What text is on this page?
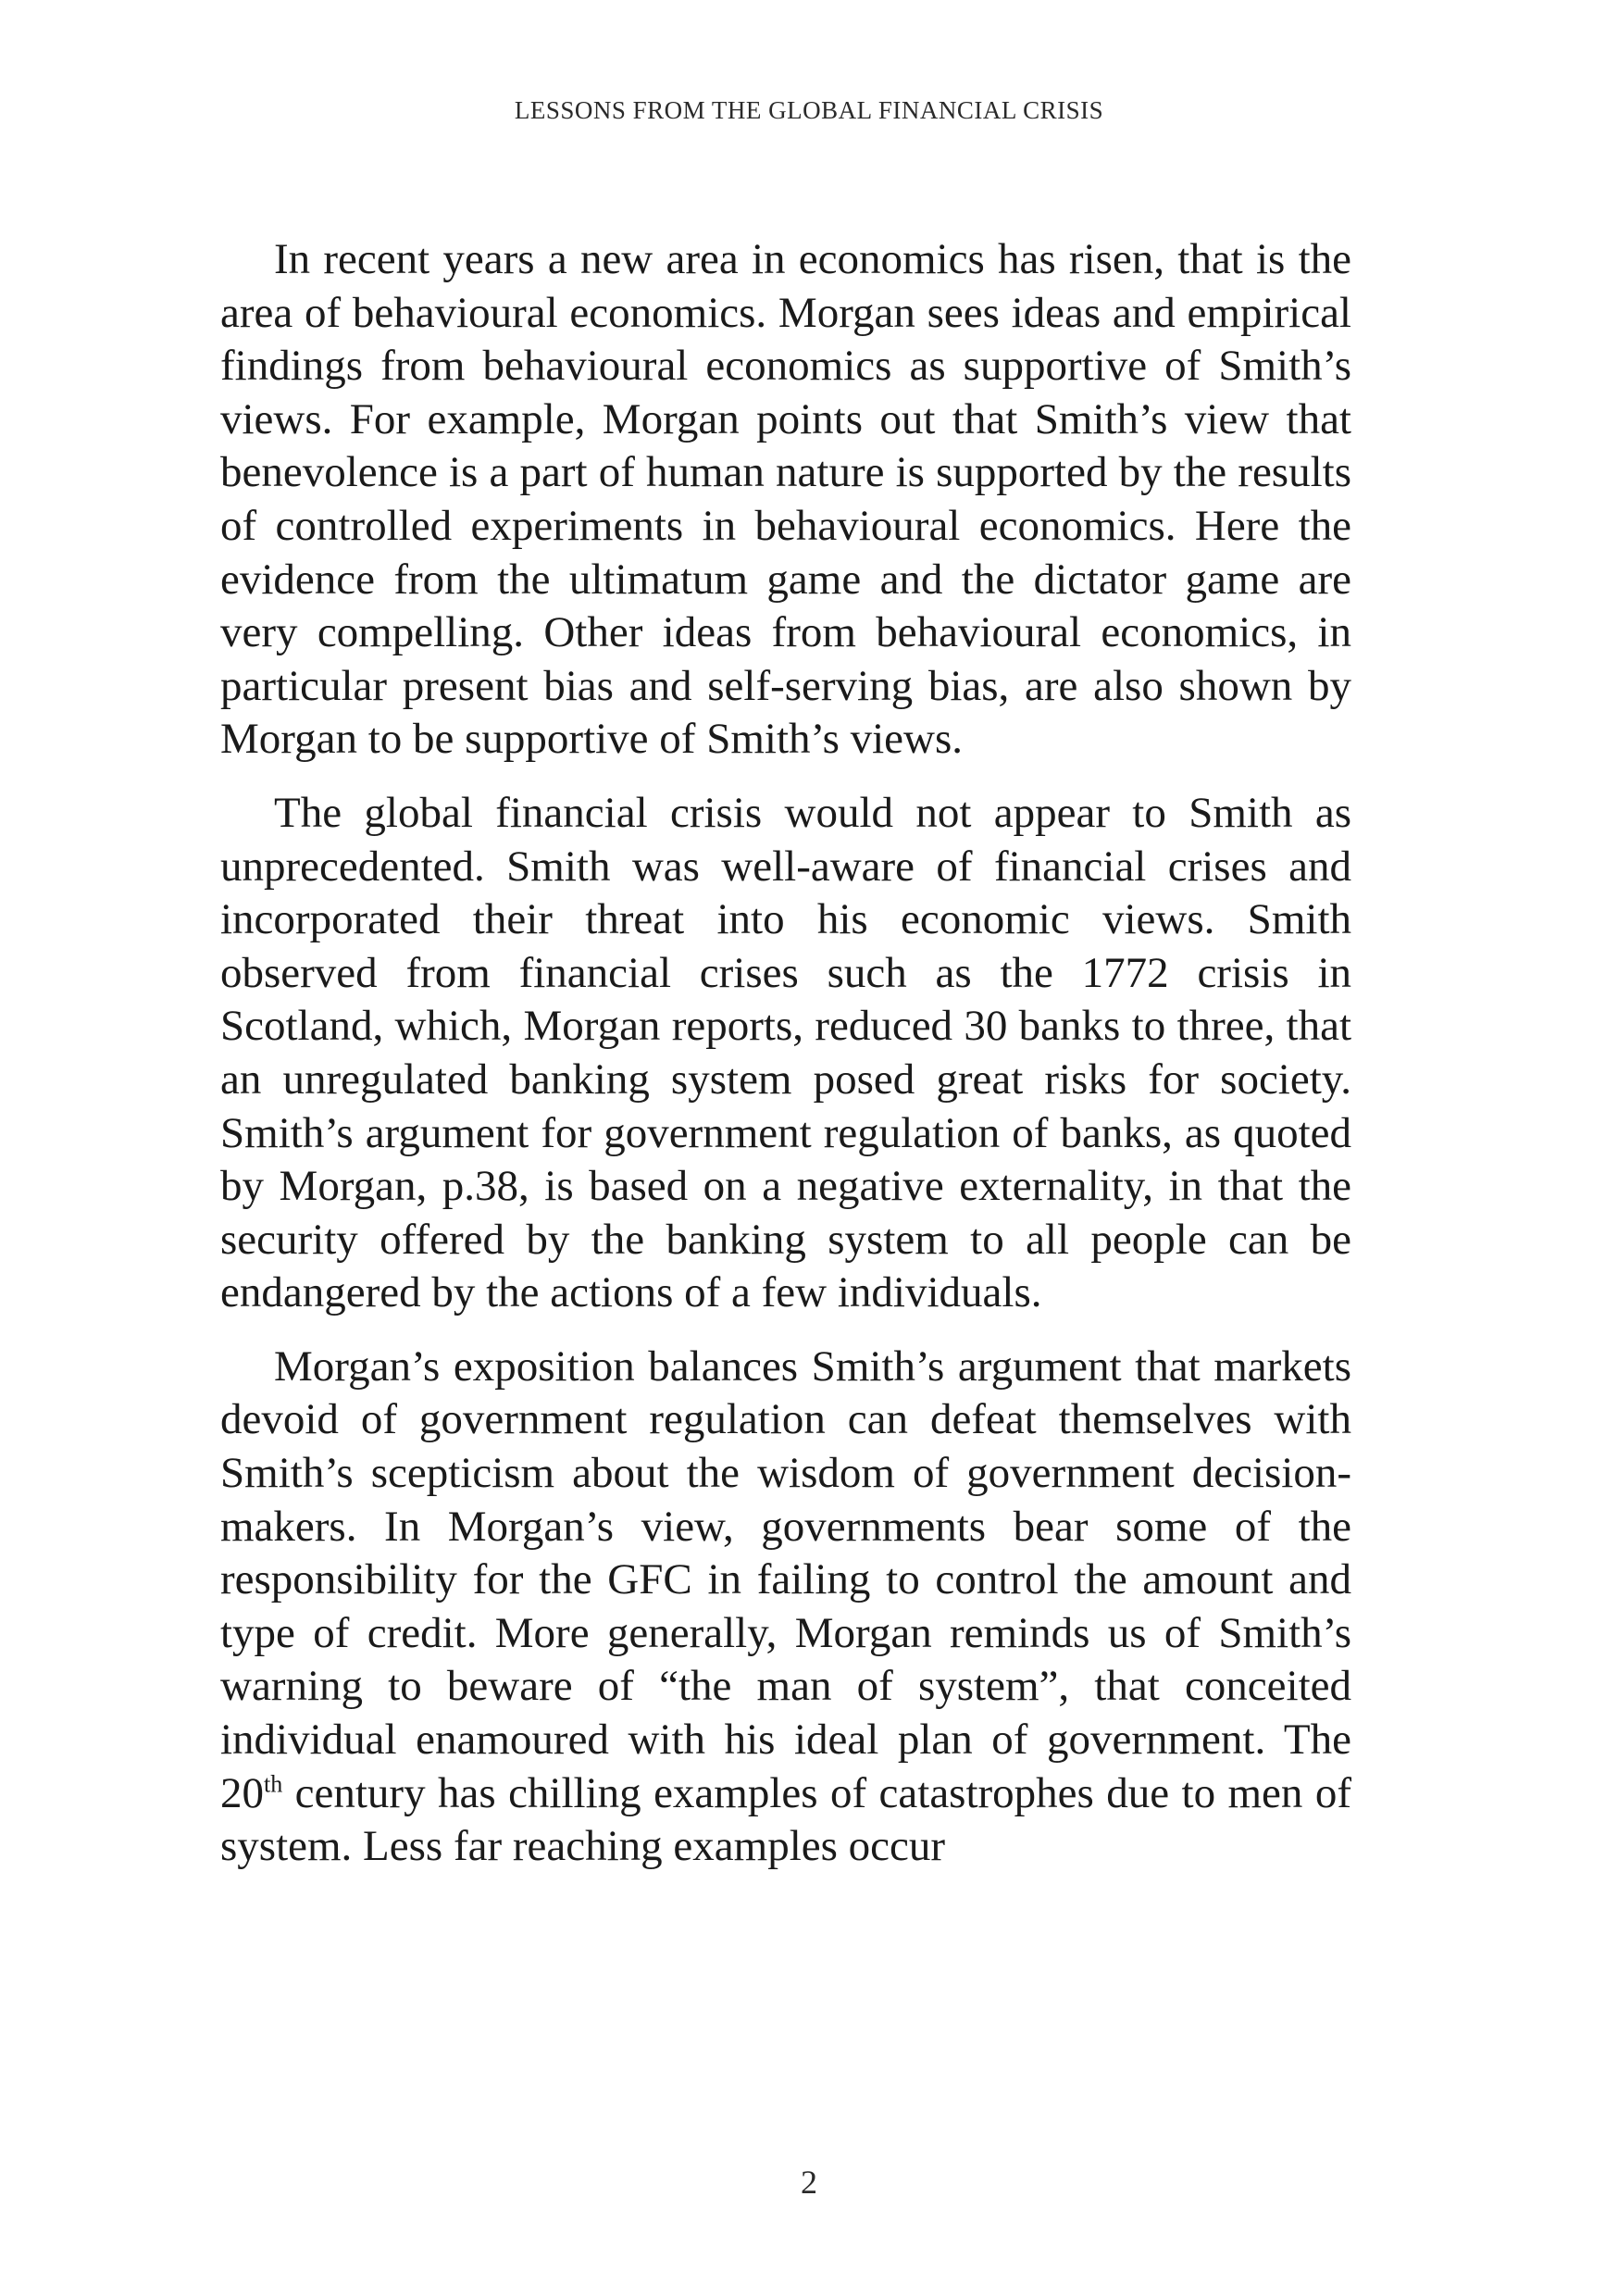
LESSONS FROM THE GLOBAL FINANCIAL CRISIS

In recent years a new area in economics has risen, that is the area of behavioural economics. Morgan sees ideas and empirical findings from behavioural economics as supportive of Smith’s views. For example, Morgan points out that Smith’s view that benevolence is a part of human nature is supported by the results of controlled experiments in behavioural economics. Here the evidence from the ultimatum game and the dictator game are very compelling. Other ideas from behavioural economics, in particular present bias and self-serving bias, are also shown by Morgan to be supportive of Smith’s views.

The global financial crisis would not appear to Smith as unprecedented. Smith was well-aware of financial crises and incorporated their threat into his economic views. Smith observed from financial crises such as the 1772 crisis in Scotland, which, Morgan reports, reduced 30 banks to three, that an unregulated banking system posed great risks for society. Smith’s argument for government regulation of banks, as quoted by Morgan, p.38, is based on a negative externality, in that the security offered by the banking system to all people can be endangered by the actions of a few individuals.

Morgan’s exposition balances Smith’s argument that markets devoid of government regulation can defeat themselves with Smith’s scepticism about the wisdom of government decision-makers. In Morgan’s view, governments bear some of the responsibility for the GFC in failing to control the amount and type of credit. More generally, Morgan reminds us of Smith’s warning to beware of “the man of system”, that conceited individual enamoured with his ideal plan of government. The 20th century has chilling examples of catastrophes due to men of system. Less far reaching examples occur

2
